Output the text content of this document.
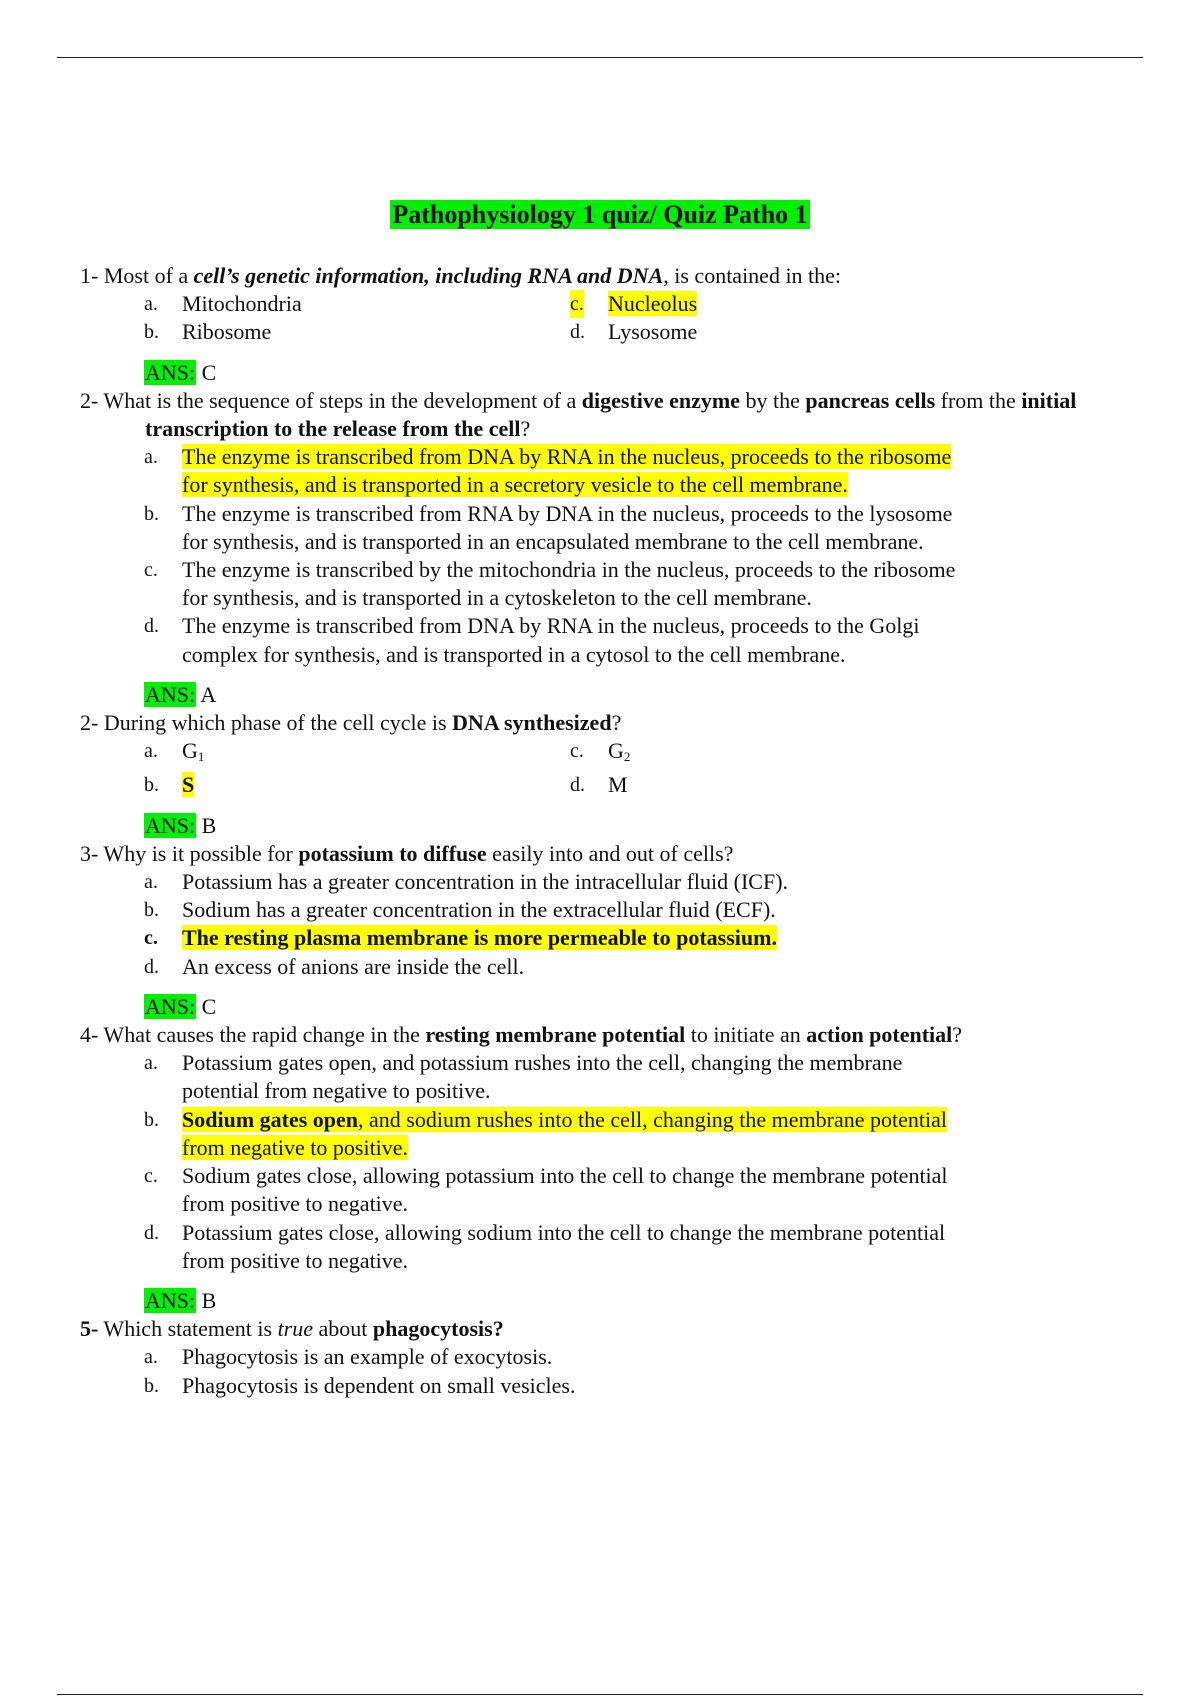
Pathophysiology 1 quiz/ Quiz Patho 1
1- Most of a cell’s genetic information, including RNA and DNA, is contained in the:
a. Mitochondria	c. Nucleolus
b. Ribosome	d. Lysosome
ANS: C
2- What is the sequence of steps in the development of a digestive enzyme by the pancreas cells from the initial transcription to the release from the cell?
a. The enzyme is transcribed from DNA by RNA in the nucleus, proceeds to the ribosome for synthesis, and is transported in a secretory vesicle to the cell membrane.
b. The enzyme is transcribed from RNA by DNA in the nucleus, proceeds to the lysosome for synthesis, and is transported in an encapsulated membrane to the cell membrane.
c. The enzyme is transcribed by the mitochondria in the nucleus, proceeds to the ribosome for synthesis, and is transported in a cytoskeleton to the cell membrane.
d. The enzyme is transcribed from DNA by RNA in the nucleus, proceeds to the Golgi complex for synthesis, and is transported in a cytosol to the cell membrane.
ANS: A
2- During which phase of the cell cycle is DNA synthesized?
a. $G_1$	c. $G_2$
b. S	d. M
ANS: B
3- Why is it possible for potassium to diffuse easily into and out of cells?
a. Potassium has a greater concentration in the intracellular fluid (ICF).
b. Sodium has a greater concentration in the extracellular fluid (ECF).
c. The resting plasma membrane is more permeable to potassium.
d. An excess of anions are inside the cell.
ANS: C
4- What causes the rapid change in the resting membrane potential to initiate an action potential?
a. Potassium gates open, and potassium rushes into the cell, changing the membrane potential from negative to positive.
b. Sodium gates open, and sodium rushes into the cell, changing the membrane potential from negative to positive.
c. Sodium gates close, allowing potassium into the cell to change the membrane potential from positive to negative.
d. Potassium gates close, allowing sodium into the cell to change the membrane potential from positive to negative.
ANS: B
5- Which statement is true about phagocytosis?
a. Phagocytosis is an example of exocytosis.
b. Phagocytosis is dependent on small vesicles.
